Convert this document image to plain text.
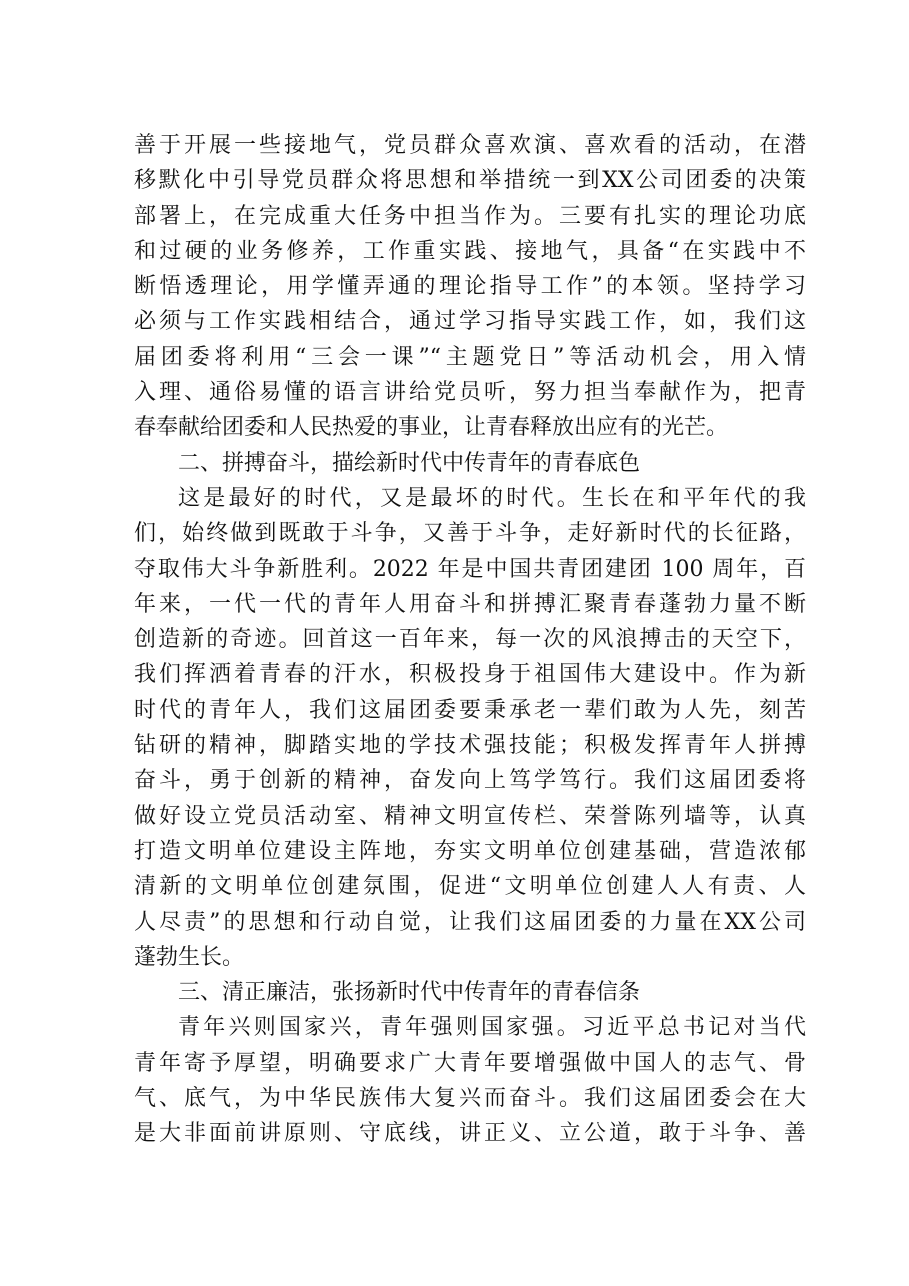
善于开展一些接地气，党员群众喜欢演、喜欢看的活动，在潜
移默化中引导党员群众将思想和举措统一到XX公司团委的决策
部署上，在完成重大任务中担当作为。三要有扎实的理论功底
和过硬的业务修养，工作重实践、接地气，具备“在实践中不
断悟透理论，用学懂弄通的理论指导工作”的本领。坚持学习
必须与工作实践相结合，通过学习指导实践工作，如，我们这
届团委将利用“三会一课”“主题党日”等活动机会，用入情
入理、通俗易懂的语言讲给党员听，努力担当奉献作为，把青
春奉献给团委和人民热爱的事业，让青春释放出应有的光芒。
二、拼搏奋斗，描绘新时代中传青年的青春底色
这是最好的时代，又是最坏的时代。生长在和平年代的我
们，始终做到既敢于斗争，又善于斗争，走好新时代的长征路，
夺取伟大斗争新胜利。2022 年是中国共青团建团 100 周年，百
年来，一代一代的青年人用奋斗和拼搏汇聚青春蓬勃力量不断
创造新的奇迹。回首这一百年来，每一次的风浪搏击的天空下，
我们挥洒着青春的汗水，积极投身于祖国伟大建设中。作为新
时代的青年人，我们这届团委要秉承老一辈们敢为人先，刻苦
钻研的精神，脚踏实地的学技术强技能；积极发挥青年人拼搏
奋斗，勇于创新的精神，奋发向上笃学笃行。我们这届团委将
做好设立党员活动室、精神文明宣传栏、荣誉陈列墙等，认真
打造文明单位建设主阵地，夯实文明单位创建基础，营造浓郁
清新的文明单位创建氛围，促进“文明单位创建人人有责、人
人尽责”的思想和行动自觉，让我们这届团委的力量在XX公司
蓬勃生长。
三、清正廉洁，张扬新时代中传青年的青春信条
青年兴则国家兴，青年强则国家强。习近平总书记对当代
青年寄予厚望，明确要求广大青年要增强做中国人的志气、骨
气、底气，为中华民族伟大复兴而奋斗。我们这届团委会在大
是大非面前讲原则、守底线，讲正义、立公道，敢于斗争、善
